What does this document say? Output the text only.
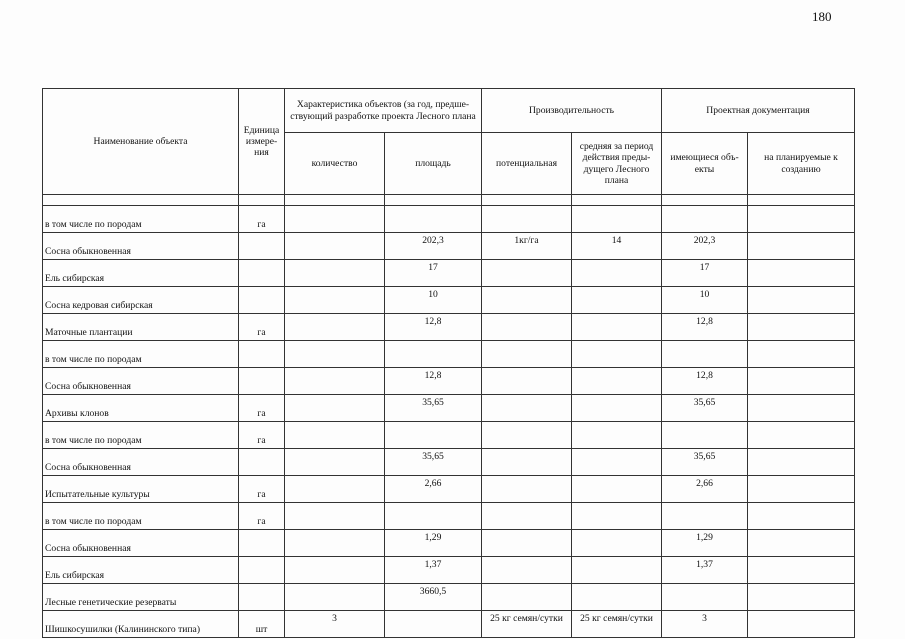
180
Наименование объекта	Единица измере-ния	Характеристика объектов (за год, предше-ствующий разработке проекта Лесного плана		Производительность		Проектная документация	
		количество	площадь	потенциальная	средняя за период действия преды-дущего Лесного плана	имеющиеся объ-екты	на планируемые к созданию

в том числе по породам	га						
Сосна обыкновенная			202,3	1кг/га	14	202,3	
Ель сибирская			17			17	
Сосна кедровая сибирская			10			10	
Маточные плантации	га		12,8			12,8	
в том числе по породам							
Сосна обыкновенная			12,8			12,8	
Архивы клонов	га		35,65			35,65	
в том числе по породам	га						
Сосна обыкновенная			35,65			35,65	
Испытательные культуры	га		2,66			2,66	
в том числе по породам	га						
Сосна обыкновенная			1,29			1,29	
Ель сибирская			1,37			1,37	
Лесные генетические резерваты			3660,5				
Шишкосушилки (Калининского типа)	шт	3		25 кг семян/сутки	25 кг семян/сутки	3	
